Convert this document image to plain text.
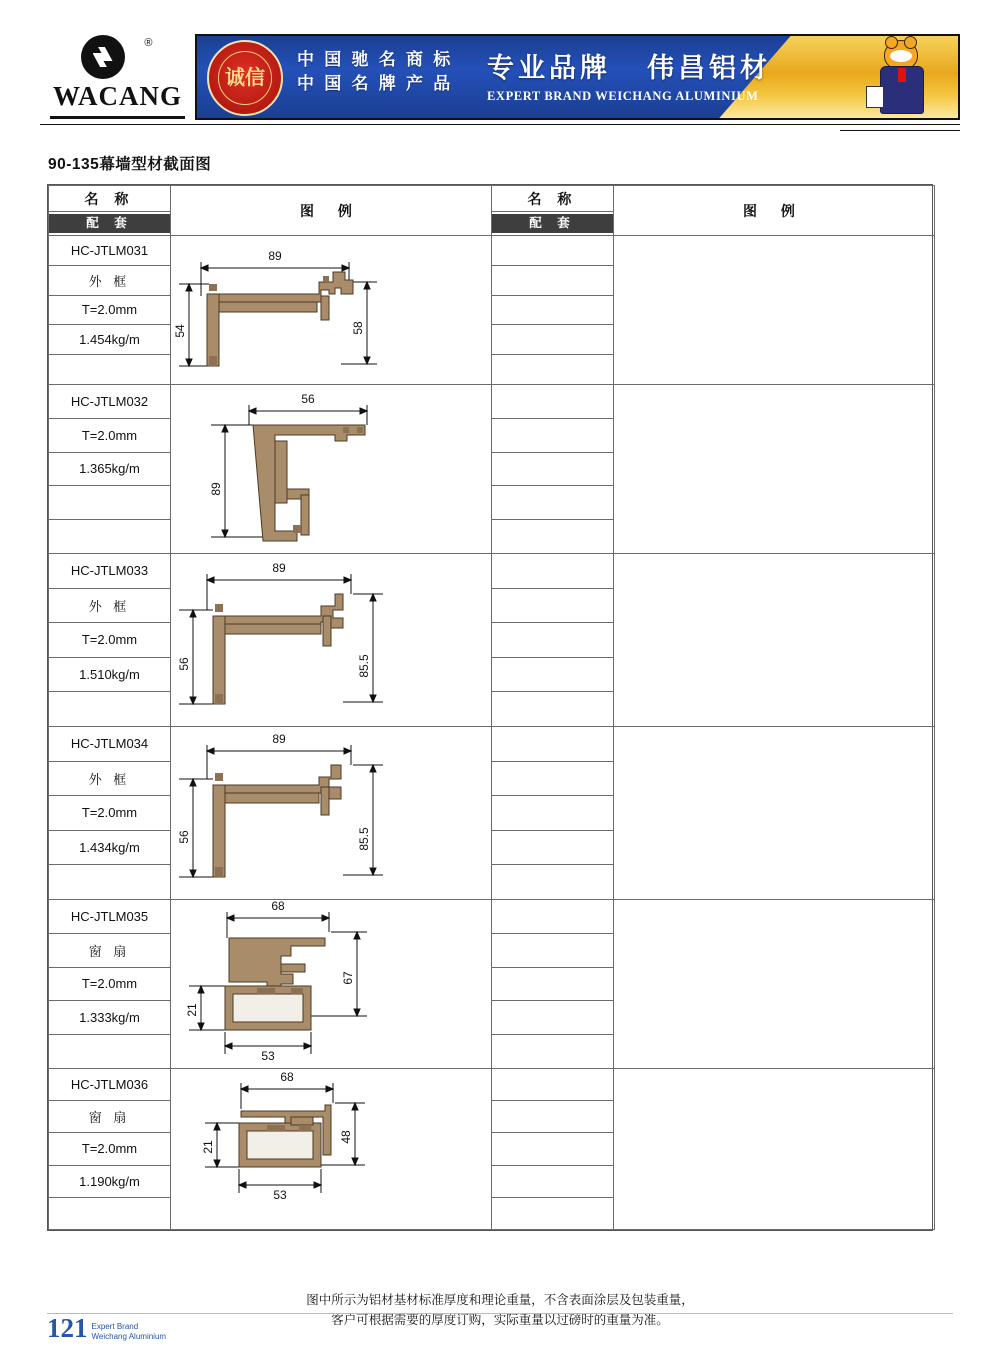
®
WACANG
诚信
中 国 驰 名 商 标
中 国 名 牌 产 品
专业品牌 伟昌铝材
EXPERT BRAND WEICHANG ALUMINIUM
90-135幕墙型材截面图
名 称	图 例	名 称	图 例

配 套		配 套	

HC-JTLM031	89
54 58		

外 框			
T=2.0mm			
1.454kg/m			

HC-JTLM032	56
89		

T=2.0mm			
1.365kg/m			

HC-JTLM033	89
56 85.5		

外 框			
T=2.0mm			
1.510kg/m			

HC-JTLM034	89
56 85.5		

外 框			
T=2.0mm			
1.434kg/m			

HC-JTLM035	68
21
67
53		

窗 扇			
T=2.0mm			
1.333kg/m			

HC-JTLM036	68
21
48
53		

窗 扇			
T=2.0mm			
1.190kg/m			

图中所示为铝材基材标准厚度和理论重量，不含表面涂层及包装重量，
客户可根据需要的厚度订购，实际重量以过磅时的重量为准。
121 Expert Brand
Weichang Aluminium
